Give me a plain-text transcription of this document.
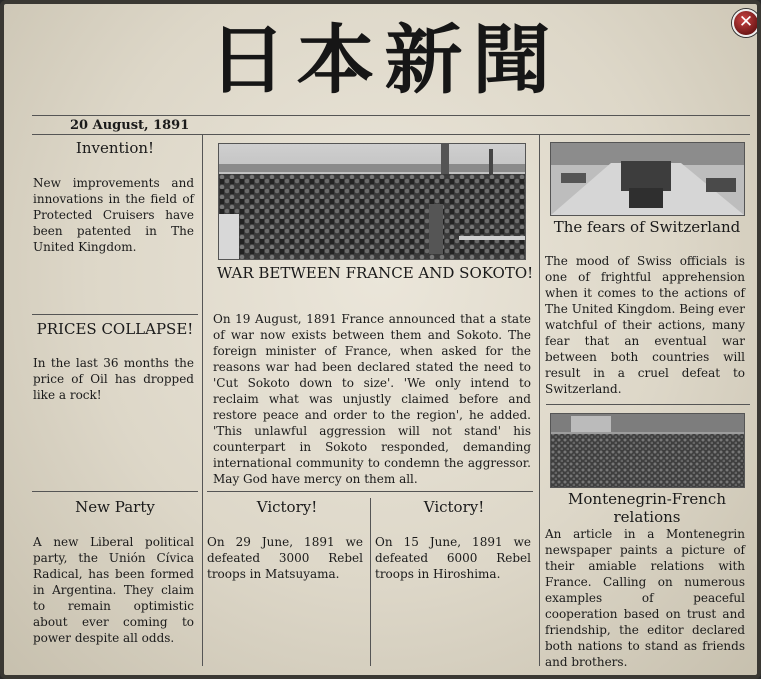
日本新聞	✕
20 August, 1891
Invention!
New improvements and innovations in the field of Protected Cruisers have been patented in The United Kingdom.
PRICES COLLAPSE!
In the last 36 months the price of Oil has dropped like a rock!
WAR BETWEEN FRANCE AND SOKOTO!
On 19 August, 1891 France announced that a state of war now exists between them and Sokoto. The foreign minister of France, when asked for the reasons war had been declared stated the need to 'Cut Sokoto down to size'. 'We only intend to reclaim what was unjustly claimed before and restore peace and order to the region', he added. 'This unlawful aggression will not stand' his counterpart in Sokoto responded, demanding international community to condemn the aggressor. May God have mercy on them all.
The fears of Switzerland
The mood of Swiss officials is one of frightful apprehension when it comes to the actions of The United Kingdom. Being ever watchful of their actions, many fear that an eventual war between both countries will result in a cruel defeat to Switzerland.
Montenegrin-French relations
An article in a Montenegrin newspaper paints a picture of their amiable relations with France. Calling on numerous examples of peaceful cooperation based on trust and friendship, the editor declared both nations to stand as friends and brothers.
New Party
A new Liberal political party, the Unión Cívica Radical, has been formed in Argentina. They claim to remain optimistic about ever coming to power despite all odds.
Victory!
On 29 June, 1891 we defeated 3000 Rebel troops in Matsuyama.
Victory!
On 15 June, 1891 we defeated 6000 Rebel troops in Hiroshima.
